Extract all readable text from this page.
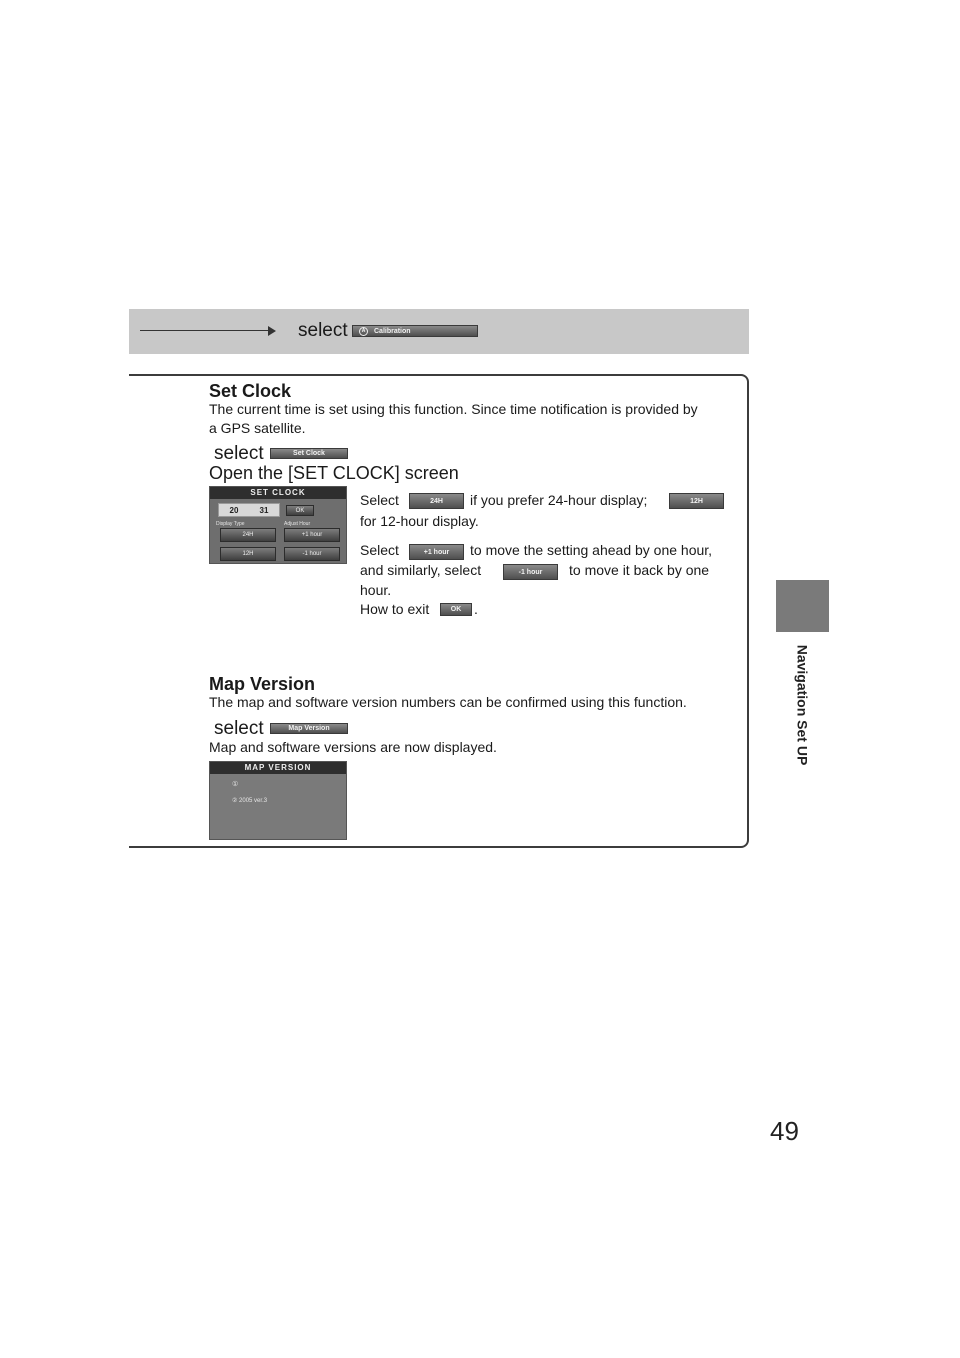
select	A	Calibration
Set Clock
The current time is set using this function. Since time notification is provided by
a GPS satellite.
select	Set Clock
Open the [SET CLOCK] screen
SET CLOCK
20	31	OK
Display Type	Adjust Hour
24H	+1 hour
12H	-1 hour
Select	24H	if you prefer 24-hour display;	12H
for 12-hour display.
Select	+1 hour	to move the setting ahead by one hour,
and similarly, select	-1 hour	to move it back by one
hour.
How to exit	OK .
Map Version
The map and software version numbers can be confirmed using this function.
select	Map Version
Map and software versions are now displayed.
MAP VERSION
①
② 2005 ver.3
Navigation Set UP
49
